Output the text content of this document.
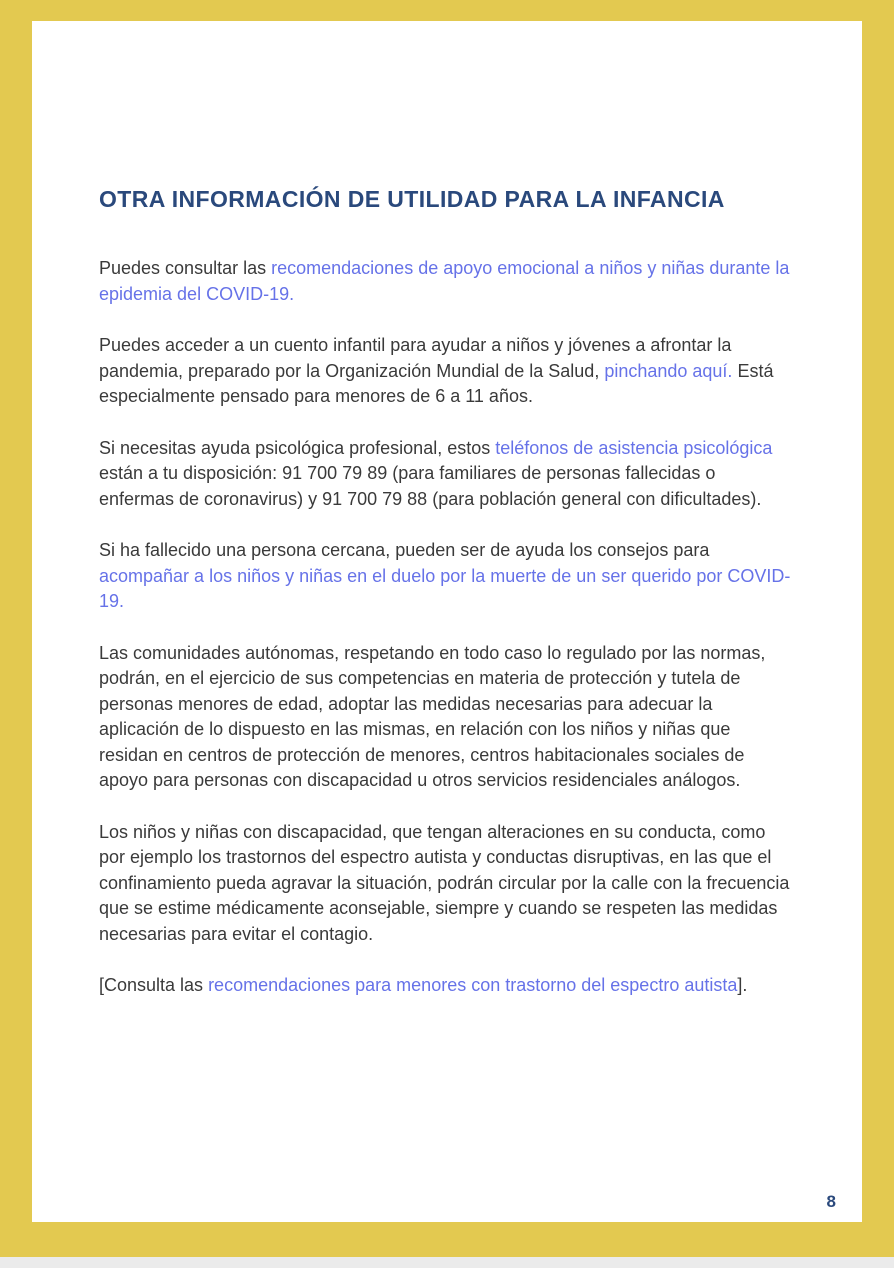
OTRA INFORMACIÓN DE UTILIDAD PARA LA INFANCIA

Puedes consultar las recomendaciones de apoyo emocional a niños y niñas durante la epidemia del COVID-19.

Puedes acceder a un cuento infantil para ayudar a niños y jóvenes a afrontar la pandemia, preparado por la Organización Mundial de la Salud, pinchando aquí. Está especialmente pensado para menores de 6 a 11 años.

Si necesitas ayuda psicológica profesional, estos teléfonos de asistencia psicológica están a tu disposición: 91 700 79 89 (para familiares de personas fallecidas o enfermas de coronavirus) y 91 700 79 88 (para población general con dificultades).

Si ha fallecido una persona cercana, pueden ser de ayuda los consejos para acompañar a los niños y niñas en el duelo por la muerte de un ser querido por COVID-19.

Las comunidades autónomas, respetando en todo caso lo regulado por las normas, podrán, en el ejercicio de sus competencias en materia de protección y tutela de personas menores de edad, adoptar las medidas necesarias para adecuar la aplicación de lo dispuesto en las mismas, en relación con los niños y niñas que residan en centros de protección de menores, centros habitacionales sociales de apoyo para personas con discapacidad u otros servicios residenciales análogos.

Los niños y niñas con discapacidad, que tengan alteraciones en su conducta, como por ejemplo los trastornos del espectro autista y conductas disruptivas, en las que el confinamiento pueda agravar la situación, podrán circular por la calle con la frecuencia que se estime médicamente aconsejable, siempre y cuando se respeten las medidas necesarias para evitar el contagio.

[Consulta las recomendaciones para menores con trastorno del espectro autista].

8
